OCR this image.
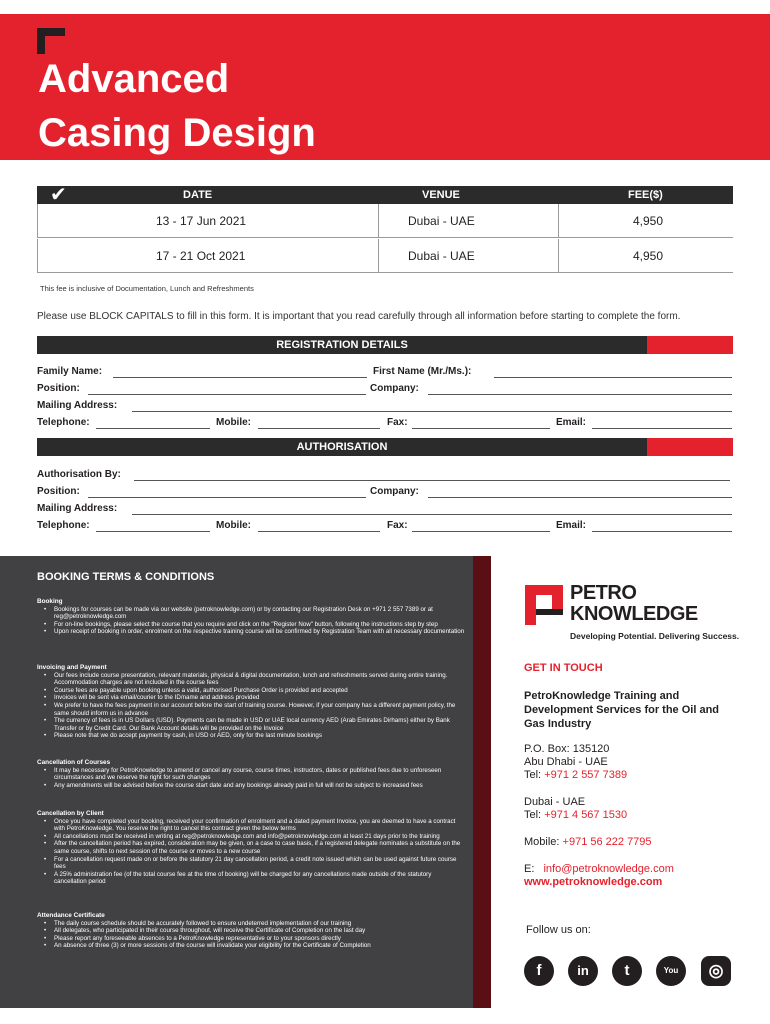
Advanced
Casing Design
DATE	VENUE	FEE($)
✔
13 - 17 Jun 2021	Dubai - UAE	4,950
17 - 21 Oct 2021	Dubai - UAE	4,950
This fee is inclusive of Documentation, Lunch and Refreshments
Please use BLOCK CAPITALS to fill in this form. It is important that you read carefully through all information before starting to complete the form.
REGISTRATION DETAILS
Family Name:	First Name (Mr./Ms.):
Position:	Company:
Mailing Address:
Telephone:	Mobile:	Fax:	Email:
AUTHORISATION
Authorisation By:
Position:	Company:
Mailing Address:
Telephone:	Mobile:	Fax:	Email:
BOOKING TERMS & CONDITIONS
Booking
• Bookings for courses can be made via our website (petroknowledge.com) or by contacting our Registration Desk on +971 2 557 7389 or at reg@petroknowledge.com
• For on-line bookings, please select the course that you require and click on the "Register Now" button, following the instructions step by step
• Upon receipt of booking in order, enrolment on the respective training course will be confirmed by Registration Team with all necessary documentation
Invoicing and Payment
• Our fees include course presentation, relevant materials, physical & digital documentation, lunch and refreshments served during entire training. Accommodation charges are not included in the course fees
• Course fees are payable upon booking unless a valid, authorised Purchase Order is provided and accepted
• Invoices will be sent via email/courier to the ID/name and address provided
• We prefer to have the fees payment in our account before the start of training course. However, if your company has a different payment policy, the same should inform us in advance
• The currency of fees is in US Dollars (USD). Payments can be made in USD or UAE local currency AED (Arab Emirates Dirhams) either by Bank Transfer or by Credit Card. Our Bank Account details will be provided on the Invoice
• Please note that we do accept payment by cash, in USD or AED, only for the last minute bookings
Cancellation of Courses
• It may be necessary for PetroKnowledge to amend or cancel any course, course times, instructors, dates or published fees due to unforeseen circumstances and we reserve the right for such changes
• Any amendments will be advised before the course start date and any bookings already paid in full will not be subject to increased fees
Cancellation by Client
• Once you have completed your booking, received your confirmation of enrolment and a dated payment Invoice, you are deemed to have a contract with PetroKnowledge. You reserve the right to cancel this contract given the below terms
• All cancellations must be received in writing at reg@petroknowledge.com and info@petroknowledge.com at least 21 days prior to the training
• After the cancellation period has expired, consideration may be given, on a case to case basis, if a registered delegate nominates a substitute on the same course, shifts to next session of the course or moves to a new course
• For a cancellation request made on or before the statutory 21 day cancellation period, a credit note issued which can be used against future course fees
• A 25% administration fee (of the total course fee at the time of booking) will be charged for any cancellations made outside of the statutory cancellation period
Attendance Certificate
• The daily course schedule should be accurately followed to ensure undeterred implementation of our training
• All delegates, who participated in their course throughout, will receive the Certificate of Completion on the last day
• Please report any foreseeable absences to a PetroKnowledge representative or to your sponsors directly
• An absence of three (3) or more sessions of the course will invalidate your eligibility for the Certificate of Completion
PETRO
KNOWLEDGE
Developing Potential. Delivering Success.
GET IN TOUCH
PetroKnowledge Training and Development Services for the Oil and Gas Industry
P.O. Box: 135120
Abu Dhabi - UAE
Tel: +971 2 557 7389
Dubai - UAE
Tel: +971 4 567 1530
Mobile: +971 56 222 7795
E: info@petroknowledge.com
www.petroknowledge.com
Follow us on:
f	in	t	You	◎
